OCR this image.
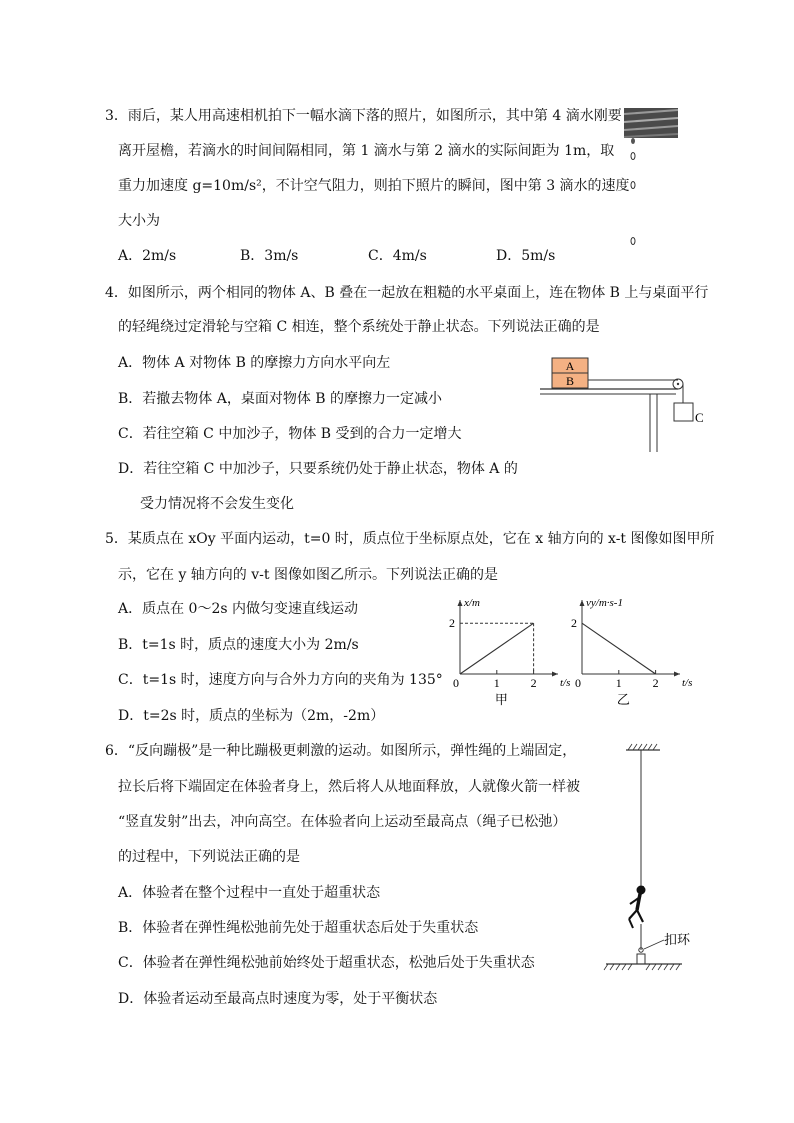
3．雨后，某人用高速相机拍下一幅水滴下落的照片，如图所示，其中第 4 滴水刚要
离开屋檐，若滴水的时间间隔相同，第 1 滴水与第 2 滴水的实际间距为 1m，取
重力加速度 g=10m/s²，不计空气阻力，则拍下照片的瞬间，图中第 3 滴水的速度
大小为
A．2m/s	B．3m/s	C．4m/s	D．5m/s
4．如图所示，两个相同的物体 A、B 叠在一起放在粗糙的水平桌面上，连在物体 B 上与桌面平行
的轻绳绕过定滑轮与空箱 C 相连，整个系统处于静止状态。下列说法正确的是
A．物体 A 对物体 B 的摩擦力方向水平向左
B．若撤去物体 A，桌面对物体 B 的摩擦力一定减小
C．若往空箱 C 中加沙子，物体 B 受到的合力一定增大
D．若往空箱 C 中加沙子，只要系统仍处于静止状态，物体 A 的
受力情况将不会发生变化
A
B
C
5．某质点在 xOy 平面内运动，t=0 时，质点位于坐标原点处，它在 x 轴方向的 x-t 图像如图甲所
示，它在 y 轴方向的 v-t 图像如图乙所示。下列说法正确的是
A．质点在 0～2s 内做匀变速直线运动
B．t=1s 时，质点的速度大小为 2m/s
C．t=1s 时，速度方向与合外力方向的夹角为 135°
D．t=2s 时，质点的坐标为（2m，-2m）
x/m
t/s
0	1	2
2
甲
vy/m·s-1
t/s
0	1	2
2
乙
6．“反向蹦极”是一种比蹦极更刺激的运动。如图所示，弹性绳的上端固定，
拉长后将下端固定在体验者身上，然后将人从地面释放，人就像火箭一样被
“竖直发射”出去，冲向高空。在体验者向上运动至最高点（绳子已松弛）
的过程中，下列说法正确的是
A．体验者在整个过程中一直处于超重状态
B．体验者在弹性绳松弛前先处于超重状态后处于失重状态
C．体验者在弹性绳松弛前始终处于超重状态，松弛后处于失重状态
D．体验者运动至最高点时速度为零，处于平衡状态
扣环
